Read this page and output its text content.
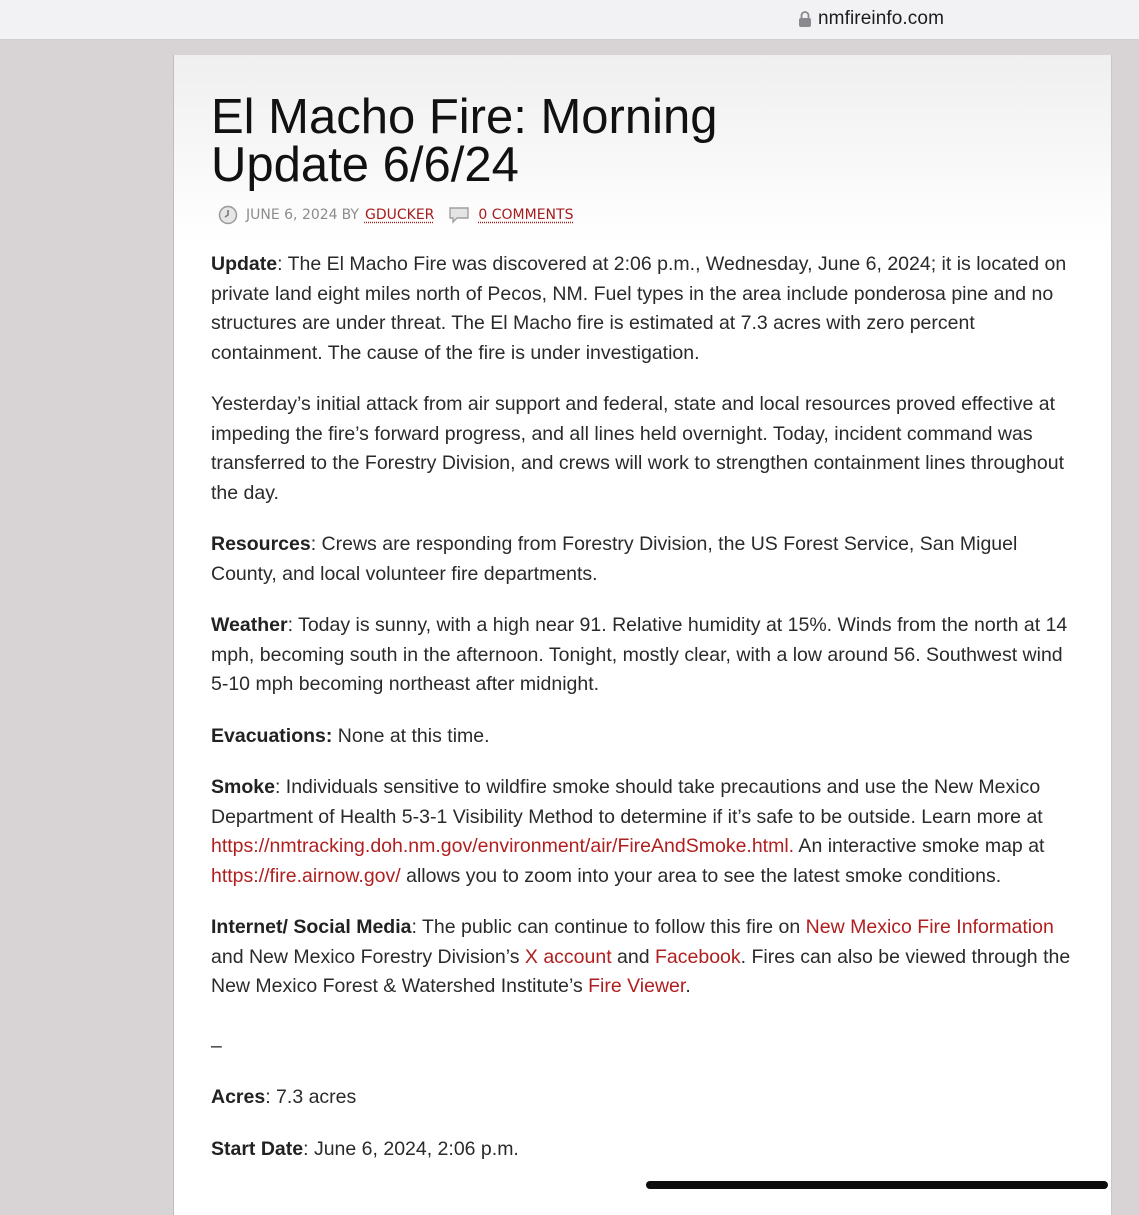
nmfireinfo.com
El Macho Fire: Morning Update 6/6/24
JUNE 6, 2024 BY GDUCKER	0 COMMENTS

Update: The El Macho Fire was discovered at 2:06 p.m., Wednesday, June 6, 2024; it is located on private land eight miles north of Pecos, NM. Fuel types in the area include ponderosa pine and no structures are under threat. The El Macho fire is estimated at 7.3 acres with zero percent containment. The cause of the fire is under investigation.

Yesterday’s initial attack from air support and federal, state and local resources proved effective at impeding the fire’s forward progress, and all lines held overnight. Today, incident command was transferred to the Forestry Division, and crews will work to strengthen containment lines throughout the day.

Resources: Crews are responding from Forestry Division, the US Forest Service, San Miguel County, and local volunteer fire departments.

Weather: Today is sunny, with a high near 91. Relative humidity at 15%. Winds from the north at 14 mph, becoming south in the afternoon. Tonight, mostly clear, with a low around 56. Southwest wind 5-10 mph becoming northeast after midnight.

Evacuations: None at this time.

Smoke: Individuals sensitive to wildfire smoke should take precautions and use the New Mexico Department of Health 5-3-1 Visibility Method to determine if it’s safe to be outside. Learn more at https://nmtracking.doh.nm.gov/environment/air/FireAndSmoke.html. An interactive smoke map at https://fire.airnow.gov/ allows you to zoom into your area to see the latest smoke conditions.

Internet/ Social Media: The public can continue to follow this fire on New Mexico Fire Information and New Mexico Forestry Division’s X account and Facebook. Fires can also be viewed through the New Mexico Forest & Watershed Institute’s Fire Viewer.

–

Acres: 7.3 acres

Start Date: June 6, 2024, 2:06 p.m.
